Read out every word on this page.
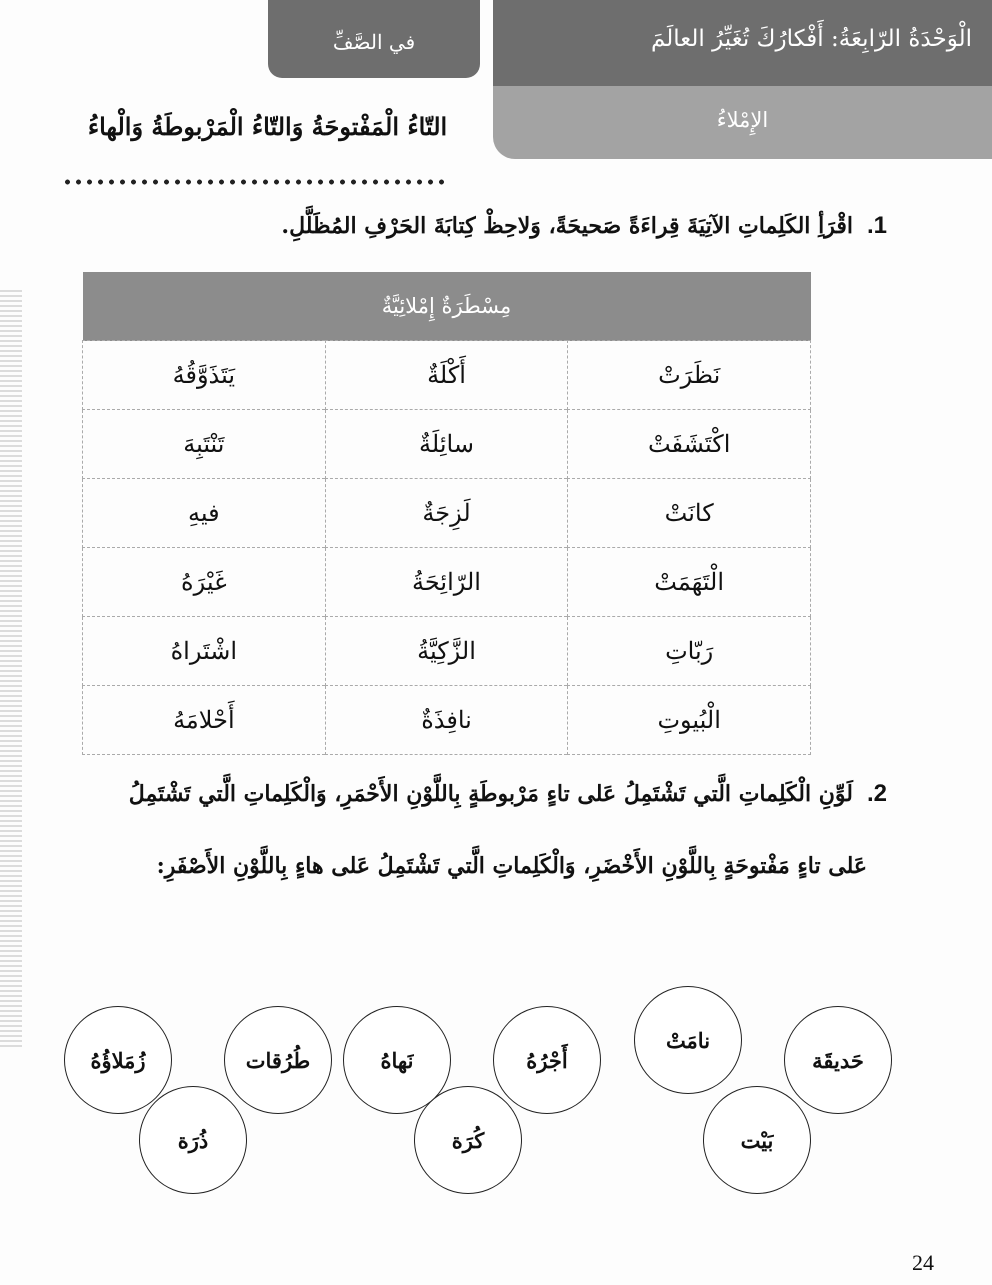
الْوَحْدَةُ الرّابِعَةُ: أَفْكارُكَ تُغَيِّرُ العالَمَ
الإِمْلاءُ
في الصَّفِّ
التّاءُ الْمَفْتوحَةُ وَالتّاءُ الْمَرْبوطَةُ وَالْهاءُ
1.اقْرَأِ الكَلِماتِ الآتِيَةَ قِراءَةً صَحيحَةً، وَلاحِظْ كِتابَةَ الحَرْفِ المُظَلَّلِ.
مِسْطَرَةٌ إِمْلائِيَّةٌ		
نَظَرَتْ	أَكْلَةٌ	يَتَذَوَّقُهُ
اكْتَشَفَتْ	سائِلَةٌ	تَنْتَبِهَ
كانَتْ	لَزِجَةٌ	فيهِ
الْتَهَمَتْ	الرّائِحَةُ	غَيْرَهُ
رَبّاتِ	الزَّكِيَّةُ	اشْتَراهُ
الْبُيوتِ	نافِذَةٌ	أَحْلامَهُ
2.لَوِّنِ الْكَلِماتِ الَّتي تَشْتَمِلُ عَلى تاءٍ مَرْبوطَةٍ بِاللَّوْنِ الأَحْمَرِ، وَالْكَلِماتِ الَّتي تَشْتَمِلُ
عَلى تاءٍ مَفْتوحَةٍ بِاللَّوْنِ الأَخْضَرِ، وَالْكَلِماتِ الَّتي تَشْتَمِلُ عَلى هاءٍ بِاللَّوْنِ الأَصْفَرِ:
حَديقَة
نامَتْ
بَيْت
أَجْرُهُ
كُرَة
نَهاهُ
طُرُقات
ذُرَة
زُمَلاؤُهُ
24
